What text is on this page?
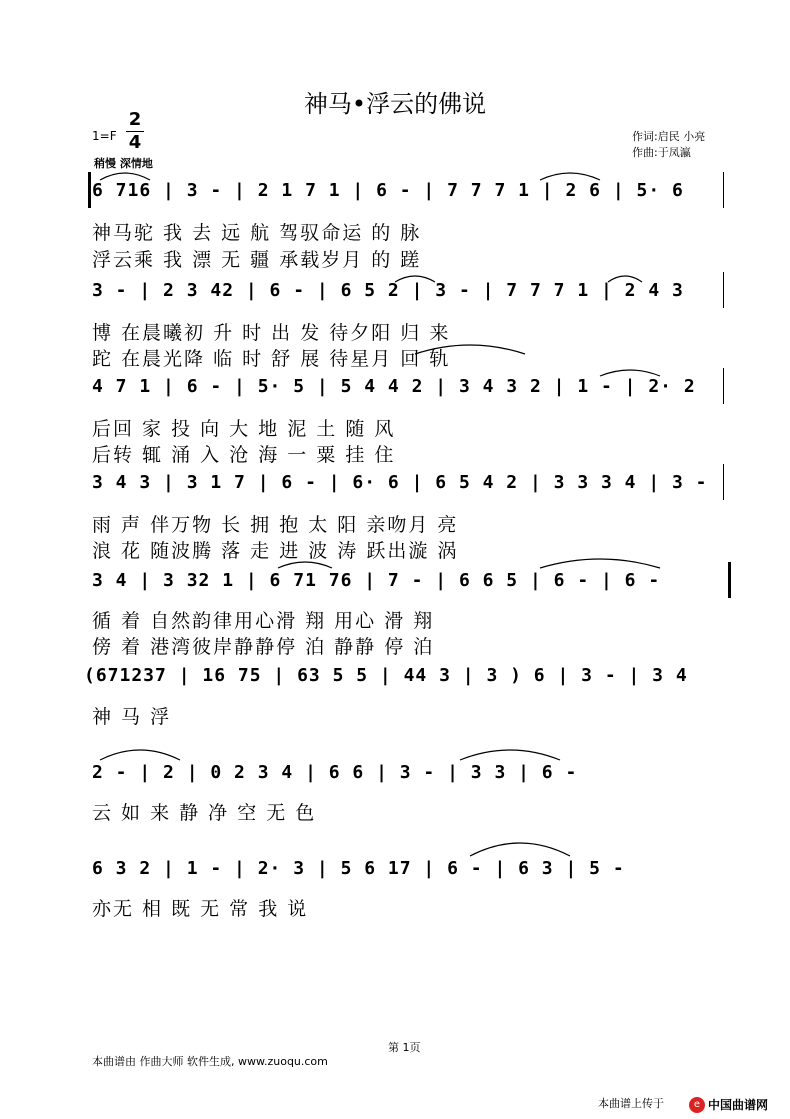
神马•浮云的佛说
1=F
2
4
稍慢 深情地
作词:启民 小亮
作曲:于凤瀛
6 716 | 3 - | 2 1 7 1 | 6 - | 7 7 7 1 | 2 6 | 5· 6
神马驼 我 去 远 航 驾驭命运 的 脉
浮云乘 我 漂 无 疆 承载岁月 的 蹉
3 - | 2 3 42 | 6 - | 6 5 2 | 3 - | 7 7 7 1 | 2 4 3
博 在晨曦初 升 时 出 发 待夕阳 归 来
跎 在晨光降 临 时 舒 展 待星月 回 轨
4 7 1 | 6 - | 5· 5 | 5 4 4 2 | 3 4 3 2 | 1 - | 2· 2
后回 家 投 向 大 地 泥 土 随 风
后转 辄 涌 入 沧 海 一 粟 挂 住
3 4 3 | 3 1 7 | 6 - | 6· 6 | 6 5 4 2 | 3 3 3 4 | 3 -
雨 声 伴万物 长 拥 抱 太 阳 亲吻月 亮
浪 花 随波腾 落 走 进 波 涛 跃出漩 涡
3 4 | 3 32 1 | 6 71 76 | 7 - | 6 6 5 | 6 - | 6 -
循 着 自然韵律用心滑 翔 用心 滑 翔
傍 着 港湾彼岸静静停 泊 静静 停 泊
(671237 | 16 75 | 63 5 5 | 44 3 | 3 ) 6 | 3 - | 3 4
神 马 浮
2 - | 2 | 0 2 3 4 | 6 6 | 3 - | 3 3 | 6 -
云 如 来 静 净 空 无 色
6 3 2 | 1 - | 2· 3 | 5 6 17 | 6 - | 6 3 | 5 -
亦无 相 既 无 常 我 说
第 1页
本曲谱由 作曲大师 软件生成, www.zuoqu.com
本曲谱上传于	e 中国曲谱网
